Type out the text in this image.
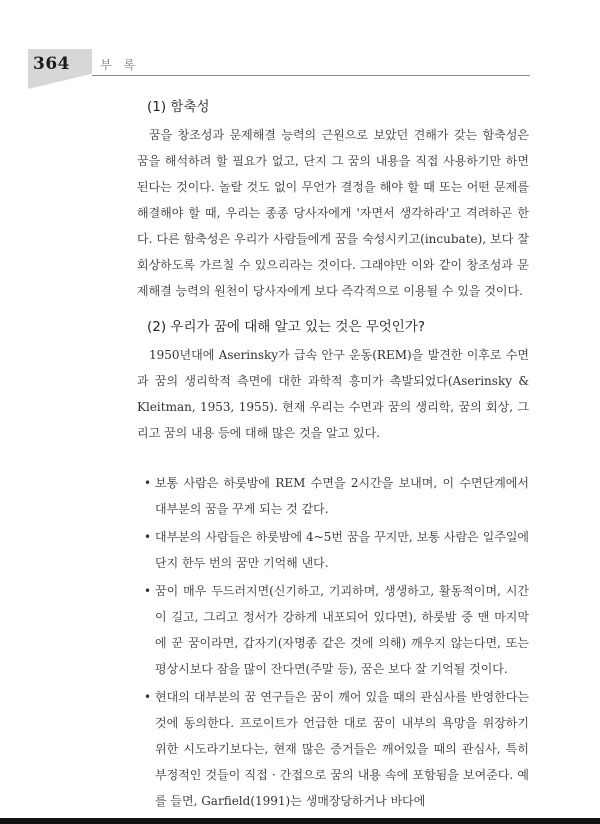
364	부 록
(1) 함축성

꿈을 창조성과 문제해결 능력의 근원으로 보았던 견해가 갖는 함축성은 꿈을 해석하려 할 필요가 없고, 단지 그 꿈의 내용을 직접 사용하기만 하면 된다는 것이다. 놀랄 것도 없이 무언가 결정을 해야 할 때 또는 어떤 문제를 해결해야 할 때, 우리는 종종 당사자에게 '자면서 생각하라'고 격려하곤 한다. 다른 함축성은 우리가 사람들에게 꿈을 숙성시키고(incubate), 보다 잘 회상하도록 가르칠 수 있으리라는 것이다. 그래야만 이와 같이 창조성과 문제해결 능력의 원천이 당사자에게 보다 즉각적으로 이용될 수 있을 것이다.

(2) 우리가 꿈에 대해 알고 있는 것은 무엇인가?

1950년대에 Aserinsky가 급속 안구 운동(REM)을 발견한 이후로 수면과 꿈의 생리학적 측면에 대한 과학적 흥미가 촉발되었다(Aserinsky & Kleitman, 1953, 1955). 현재 우리는 수면과 꿈의 생리학, 꿈의 회상, 그리고 꿈의 내용 등에 대해 많은 것을 알고 있다.

• 보통 사람은 하룻밤에 REM 수면을 2시간을 보내며, 이 수면단계에서 대부분의 꿈을 꾸게 되는 것 같다.
• 대부분의 사람들은 하룻밤에 4~5번 꿈을 꾸지만, 보통 사람은 일주일에 단지 한두 번의 꿈만 기억해 낸다.
• 꿈이 매우 두드러지면(신기하고, 기괴하며, 생생하고, 활동적이며, 시간이 길고, 그리고 정서가 강하게 내포되어 있다면), 하룻밤 중 맨 마지막에 꾼 꿈이라면, 갑자기(자명종 같은 것에 의해) 깨우지 않는다면, 또는 평상시보다 잠을 많이 잔다면(주말 등), 꿈은 보다 잘 기억될 것이다.
• 현대의 대부분의 꿈 연구들은 꿈이 깨어 있을 때의 관심사를 반영한다는 것에 동의한다. 프로이트가 언급한 대로 꿈이 내부의 욕망을 위장하기 위한 시도라기보다는, 현재 많은 증거들은 깨어있을 때의 관심사, 특히 부정적인 것들이 직접 · 간접으로 꿈의 내용 속에 포함됨을 보여준다. 예를 들면, Garfield(1991)는 생매장당하거나 바다에
